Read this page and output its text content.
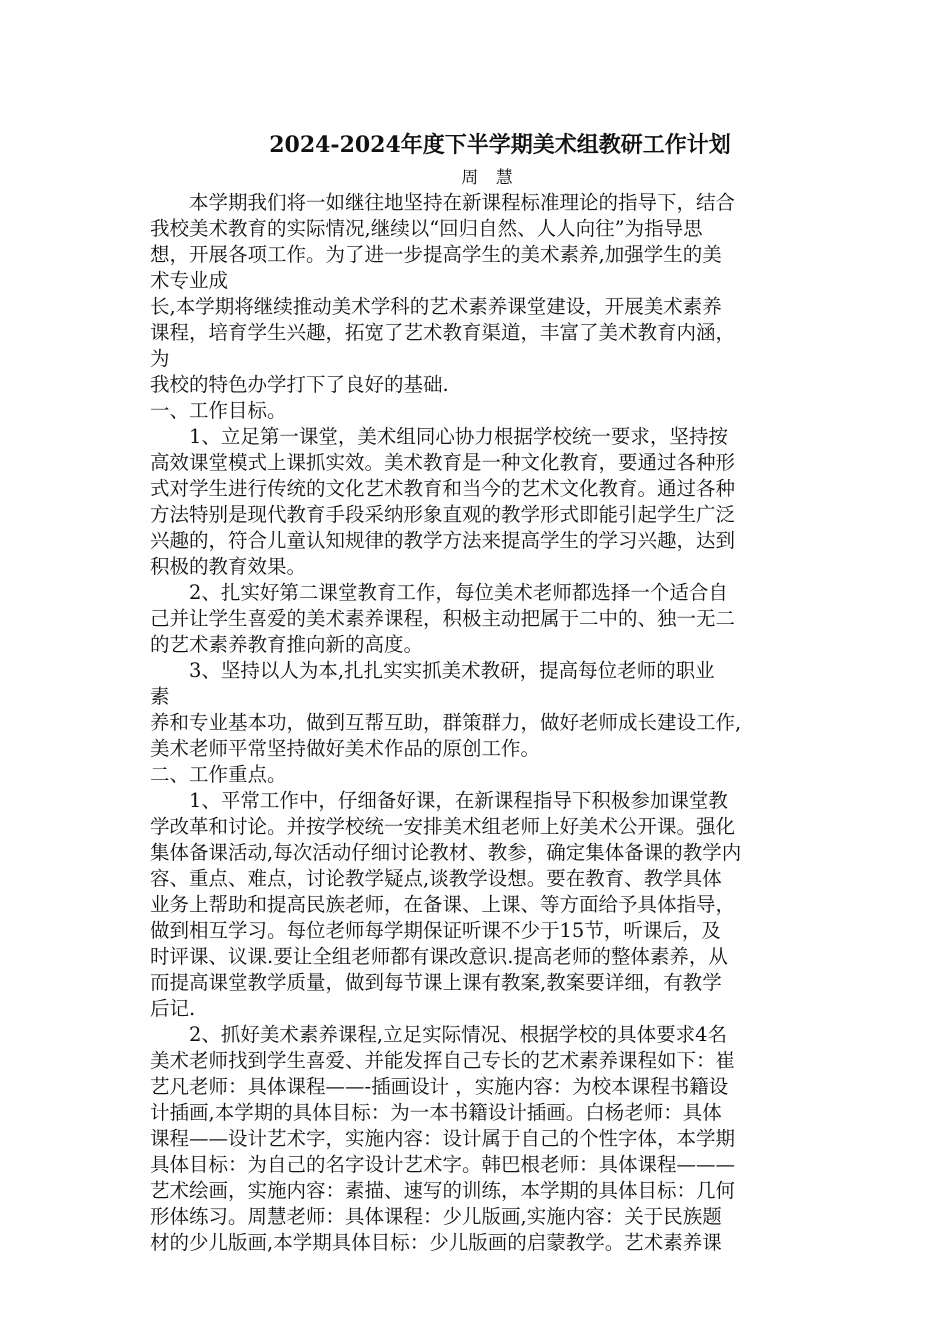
2024-2024年度下半学期美术组教研工作计划
周 慧
本学期我们将一如继往地坚持在新课程标准理论的指导下，结合
我校美术教育的实际情况,继续以“回归自然、人人向往”为指导思
想，开展各项工作。为了进一步提高学生的美术素养,加强学生的美
术专业成
长,本学期将继续推动美术学科的艺术素养课堂建设，开展美术素养
课程，培育学生兴趣，拓宽了艺术教育渠道，丰富了美术教育内涵，
为
我校的特色办学打下了良好的基础.
一、工作目标。
1、立足第一课堂，美术组同心协力根据学校统一要求，坚持按
高效课堂模式上课抓实效。美术教育是一种文化教育，要通过各种形
式对学生进行传统的文化艺术教育和当今的艺术文化教育。通过各种
方法特别是现代教育手段采纳形象直观的教学形式即能引起学生广泛
兴趣的，符合儿童认知规律的教学方法来提高学生的学习兴趣，达到
积极的教育效果。
2、扎实好第二课堂教育工作，每位美术老师都选择一个适合自
己并让学生喜爱的美术素养课程，积极主动把属于二中的、独一无二
的艺术素养教育推向新的高度。
3、坚持以人为本,扎扎实实抓美术教研，提高每位老师的职业
素
养和专业基本功，做到互帮互助，群策群力，做好老师成长建设工作,
美术老师平常坚持做好美术作品的原创工作。
二、工作重点。
1、平常工作中，仔细备好课，在新课程指导下积极参加课堂教
学改革和讨论。并按学校统一安排美术组老师上好美术公开课。强化
集体备课活动,每次活动仔细讨论教材、教参，确定集体备课的教学内
容、重点、难点，讨论教学疑点,谈教学设想。要在教育、教学具体
业务上帮助和提高民族老师，在备课、上课、等方面给予具体指导，
做到相互学习。每位老师每学期保证听课不少于15节，听课后，及
时评课、议课.要让全组老师都有课改意识.提高老师的整体素养，从
而提高课堂教学质量，做到每节课上课有教案,教案要详细，有教学
后记.
2、抓好美术素养课程,立足实际情况、根据学校的具体要求4名
美术老师找到学生喜爱、并能发挥自己专长的艺术素养课程如下：崔
艺凡老师：具体课程——-插画设计 ，实施内容：为校本课程书籍设
计插画,本学期的具体目标：为一本书籍设计插画。白杨老师：具体
课程——设计艺术字，实施内容：设计属于自己的个性字体，本学期
具体目标：为自己的名字设计艺术字。韩巴根老师：具体课程———
艺术绘画，实施内容：素描、速写的训练，本学期的具体目标：几何
形体练习。周慧老师：具体课程：少儿版画,实施内容：关于民族题
材的少儿版画,本学期具体目标：少儿版画的启蒙教学。艺术素养课
